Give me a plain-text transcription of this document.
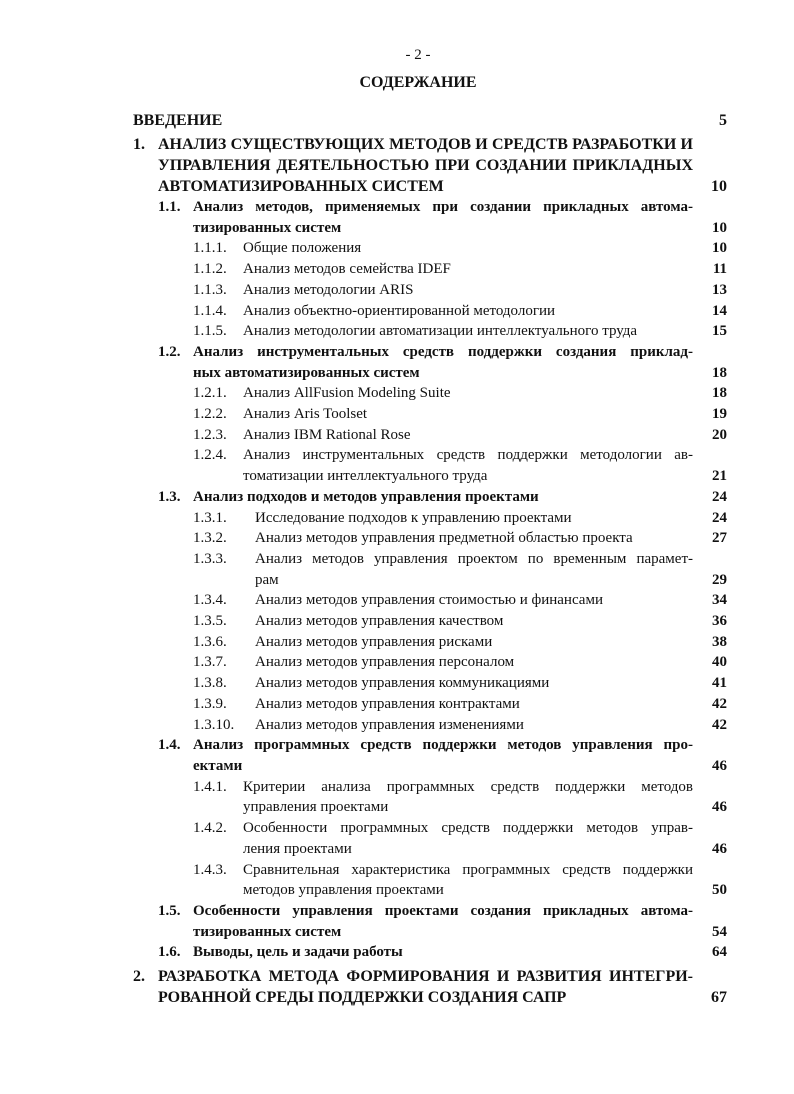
- 2 -
СОДЕРЖАНИЕ
ВВЕДЕНИЕ	5
1. АНАЛИЗ СУЩЕСТВУЮЩИХ МЕТОДОВ И СРЕДСТВ РАЗРАБОТКИ И
УПРАВЛЕНИЯ ДЕЯТЕЛЬНОСТЬЮ ПРИ СОЗДАНИИ ПРИКЛАДНЫХ
АВТОМАТИЗИРОВАННЫХ СИСТЕМ	10
1.1. Анализ методов, применяемых при создании прикладных автома-
тизированных систем	10
1.1.1. Общие положения	10
1.1.2. Анализ методов семейства IDEF	11
1.1.3. Анализ методологии ARIS	13
1.1.4. Анализ объектно-ориентированной методологии	14
1.1.5. Анализ методологии автоматизации интеллектуального труда	15
1.2. Анализ инструментальных средств поддержки создания приклад-
ных автоматизированных систем	18
1.2.1. Анализ AllFusion Modeling Suite	18
1.2.2. Анализ Aris Toolset	19
1.2.3. Анализ IBM Rational Rose	20
1.2.4. Анализ инструментальных средств поддержки методологии ав-
томатизации интеллектуального труда	21
1.3. Анализ подходов и методов управления проектами	24
1.3.1. Исследование подходов к управлению проектами	24
1.3.2. Анализ методов управления предметной областью проекта	27
1.3.3. Анализ методов управления проектом по временным парамет-
рам	29
1.3.4. Анализ методов управления стоимостью и финансами	34
1.3.5. Анализ методов управления качеством	36
1.3.6. Анализ методов управления рисками	38
1.3.7. Анализ методов управления персоналом	40
1.3.8. Анализ методов управления коммуникациями	41
1.3.9. Анализ методов управления контрактами	42
1.3.10. Анализ методов управления изменениями	42
1.4. Анализ программных средств поддержки методов управления про-
ектами	46
1.4.1. Критерии анализа программных средств поддержки методов
управления проектами	46
1.4.2. Особенности программных средств поддержки методов управ-
ления проектами	46
1.4.3. Сравнительная характеристика программных средств поддержки
методов управления проектами	50
1.5. Особенности управления проектами создания прикладных автома-
тизированных систем	54
1.6. Выводы, цель и задачи работы	64
2. РАЗРАБОТКА МЕТОДА ФОРМИРОВАНИЯ И РАЗВИТИЯ ИНТЕГРИ-
РОВАННОЙ СРЕДЫ ПОДДЕРЖКИ СОЗДАНИЯ САПР	67
